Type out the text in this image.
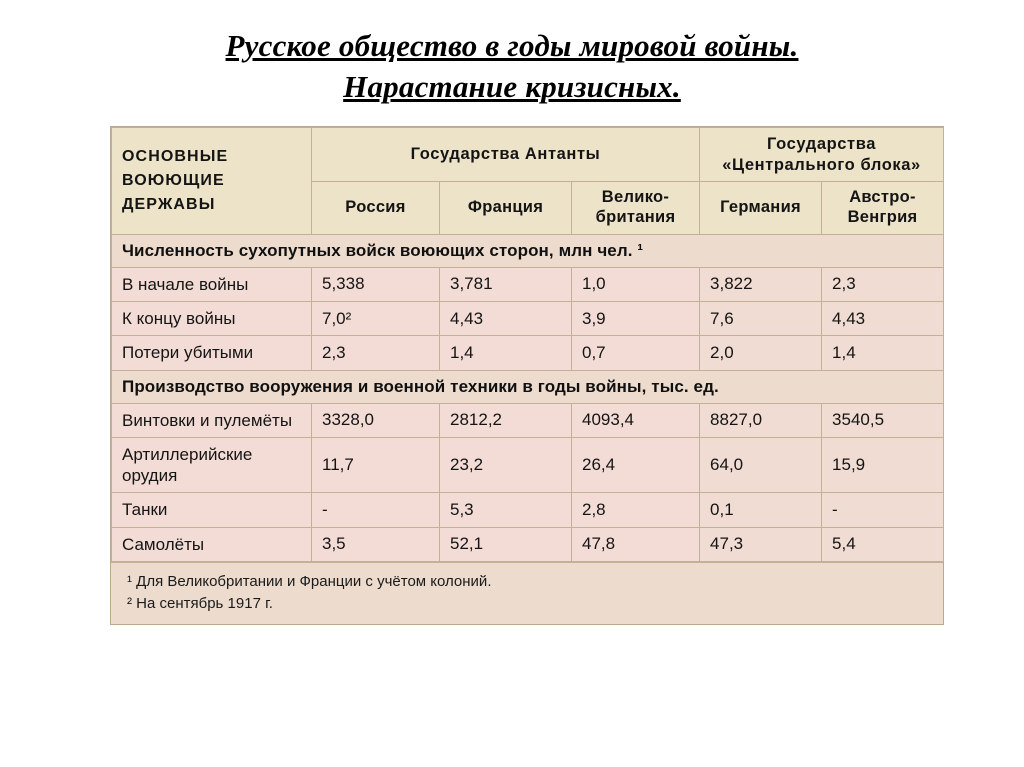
Русское общество в годы мировой войны.
Нарастание кризисных.
ОСНОВНЫЕ ВОЮЮЩИЕ ДЕРЖАВЫ	Государства Антанты			Государства «Центрального блока»	
	Россия	Франция	Велико-британия	Германия	Австро-Венгрия
Численность сухопутных войск воюющих сторон, млн чел. ¹					
В начале войны	5,338	3,781	1,0	3,822	2,3
К концу войны	7,0²	4,43	3,9	7,6	4,43
Потери убитыми	2,3	1,4	0,7	2,0	1,4
Производство вооружения и военной техники в годы войны, тыс. ед.					
Винтовки и пулемёты	3328,0	2812,2	4093,4	8827,0	3540,5
Артиллерийские орудия	11,7	23,2	26,4	64,0	15,9
Танки	-	5,3	2,8	0,1	-
Самолёты	3,5	52,1	47,8	47,3	5,4
¹ Для Великобритании и Франции с учётом колоний.
² На сентябрь 1917 г.
